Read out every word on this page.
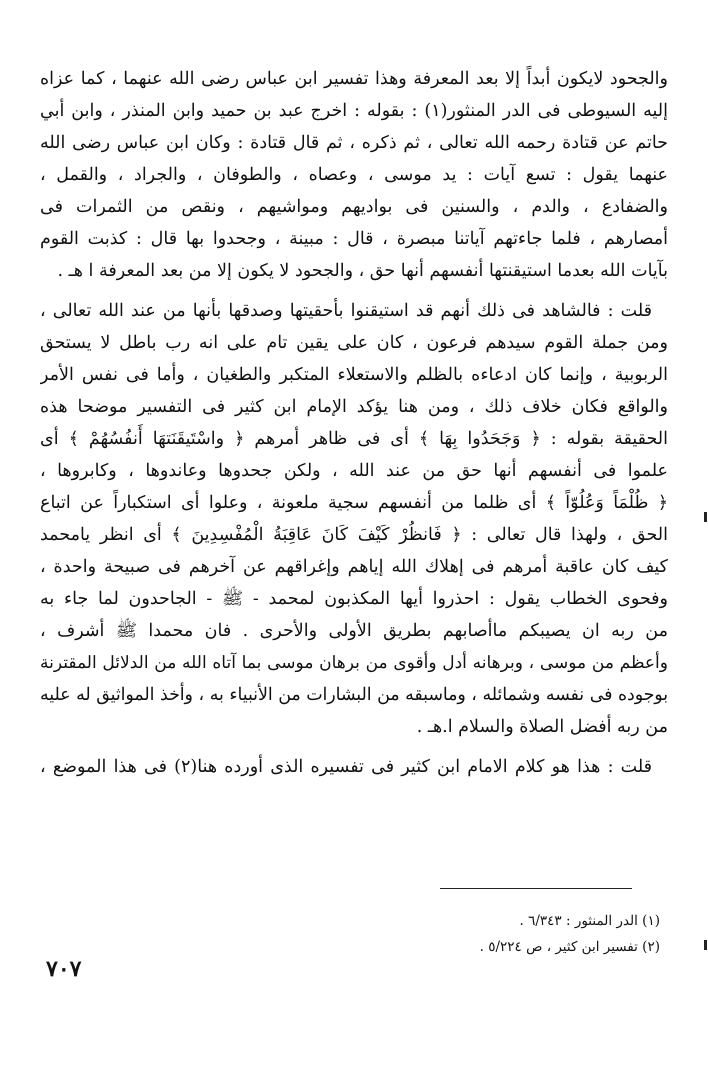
والجحود لايكون أبداً إلا بعد المعرفة وهذا تفسير ابن عباس رضى الله عنهما ، كما عزاه
إليه السيوطى فى الدر المنثور(١) : بقوله : اخرج عبد بن حميد وابن المنذر ، وابن أبي
حاتم عن قتادة رحمه الله تعالى ، ثم ذكره ، ثم قال قتادة : وكان ابن عباس رضى الله
عنهما يقول : تسع آيات : يد موسى ، وعصاه ، والطوفان ، والجراد ، والقمل ،
والضفادع ، والدم ، والسنين فى بواديهم ومواشيهم ، ونقص من الثمرات فى
أمصارهم ، فلما جاءتهم آياتنا مبصرة ، قال : مبينة ، وجحدوا بها قال : كذبت القوم
بآيات الله بعدما استيقنتها أنفسهم أنها حق ، والجحود لا يكون إلا من بعد المعرفة ا هـ .
قلت : فالشاهد فى ذلك أنهم قد استيقنوا بأحقيتها وصدقها بأنها من عند الله تعالى ،
ومن جملة القوم سيدهم فرعون ، كان على يقين تام على انه رب باطل لا يستحق
الربوبية ، وإنما كان ادعاءه بالظلم والاستعلاء المتكبر والطغيان ، وأما فى نفس الأمر
والواقع فكان خلاف ذلك ، ومن هنا يؤكد الإمام ابن كثير فى التفسير موضحا هذه
الحقيقة بقوله : ﴿ وَجَحَدُوا بِهَا ﴾ أى فى ظاهر أمرهم ﴿ واسْتَيقَنَتهَا أَنفُسُهُمْ ﴾ أى
علموا فى أنفسهم أنها حق من عند الله ، ولكن جحدوها وعاندوها ، وكابروها ،
﴿ ظُلْمَاً وَعُلُوّاً ﴾ أى ظلما من أنفسهم سجية ملعونة ، وعلوا أى استكباراً عن اتباع
الحق ، ولهذا قال تعالى : ﴿ فَانظُرْ كَيْفَ كَانَ عَاقِبَةُ الْمُفْسِدِينَ ﴾ أى انظر يامحمد
كيف كان عاقبة أمرهم فى إهلاك الله إياهم وإغراقهم عن آخرهم فى صبيحة واحدة ،
وفحوى الخطاب يقول : احذروا أيها المكذبون لمحمد - ﷺ - الجاحدون لما جاء به
من ربه ان يصيبكم ماأصابهم بطريق الأولى والأحرى . فان محمدا ﷺ أشرف ،
وأعظم من موسى ، وبرهانه أدل وأقوى من برهان موسى بما آتاه الله من الدلائل المقترنة
بوجوده فى نفسه وشمائله ، وماسبقه من البشارات من الأنبياء به ، وأخذ المواثيق له عليه
من ربه أفضل الصلاة والسلام ا.هـ .
قلت : هذا هو كلام الامام ابن كثير فى تفسيره الذى أورده هنا(٢) فى هذا الموضع ،
(١) الدر المنثور : ٦/٣٤٣ .
(٢) تفسير ابن كثير ، ص ٥/٢٢٤ .
٧٠٧
